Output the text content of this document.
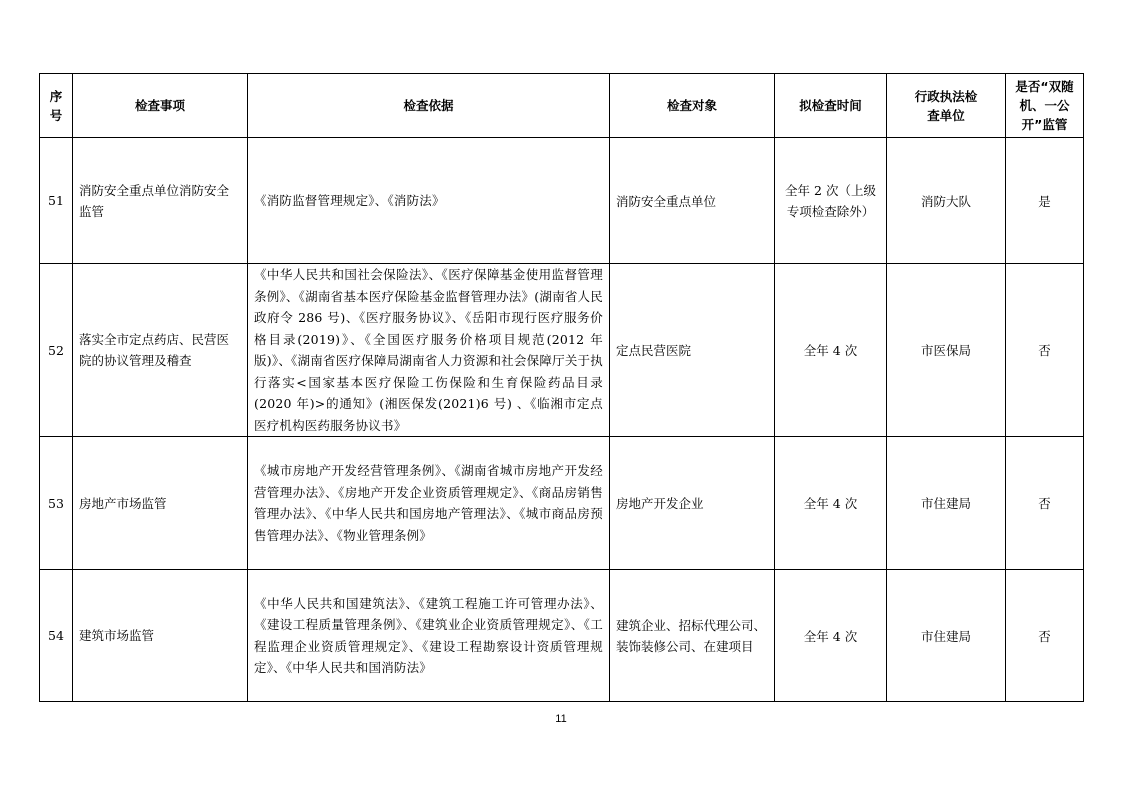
序号	检查事项	检查依据	检查对象	拟检查时间	行政执法检查单位	是否“双随机、一公开”监管
51	消防安全重点单位消防安全监管	《消防监督管理规定》、《消防法》	消防安全重点单位	全年 2 次（上级专项检查除外）	消防大队	是
52	落实全市定点药店、民营医院的协议管理及稽查	《中华人民共和国社会保险法》、《医疗保障基金使用监督管理条例》、《湖南省基本医疗保险基金监督管理办法》(湖南省人民政府令 286 号)、《医疗服务协议》、《岳阳市现行医疗服务价格目录(2019)》、《全国医疗服务价格项目规范(2012 年版)》、《湖南省医疗保障局湖南省人力资源和社会保障厅关于执行落实<国家基本医疗保险工伤保险和生育保险药品目录(2020 年)>的通知》(湘医保发(2021)6 号) 、《临湘市定点医疗机构医药服务协议书》	定点民营医院	全年 4 次	市医保局	否
53	房地产市场监管	《城市房地产开发经营管理条例》、《湖南省城市房地产开发经营管理办法》、《房地产开发企业资质管理规定》、《商品房销售管理办法》、《中华人民共和国房地产管理法》、《城市商品房预售管理办法》、《物业管理条例》	房地产开发企业	全年 4 次	市住建局	否
54	建筑市场监管	《中华人民共和国建筑法》、《建筑工程施工许可管理办法》、《建设工程质量管理条例》、《建筑业企业资质管理规定》、《工程监理企业资质管理规定》、《建设工程勘察设计资质管理规定》、《中华人民共和国消防法》	建筑企业、招标代理公司、装饰装修公司、在建项目	全年 4 次	市住建局	否
11
